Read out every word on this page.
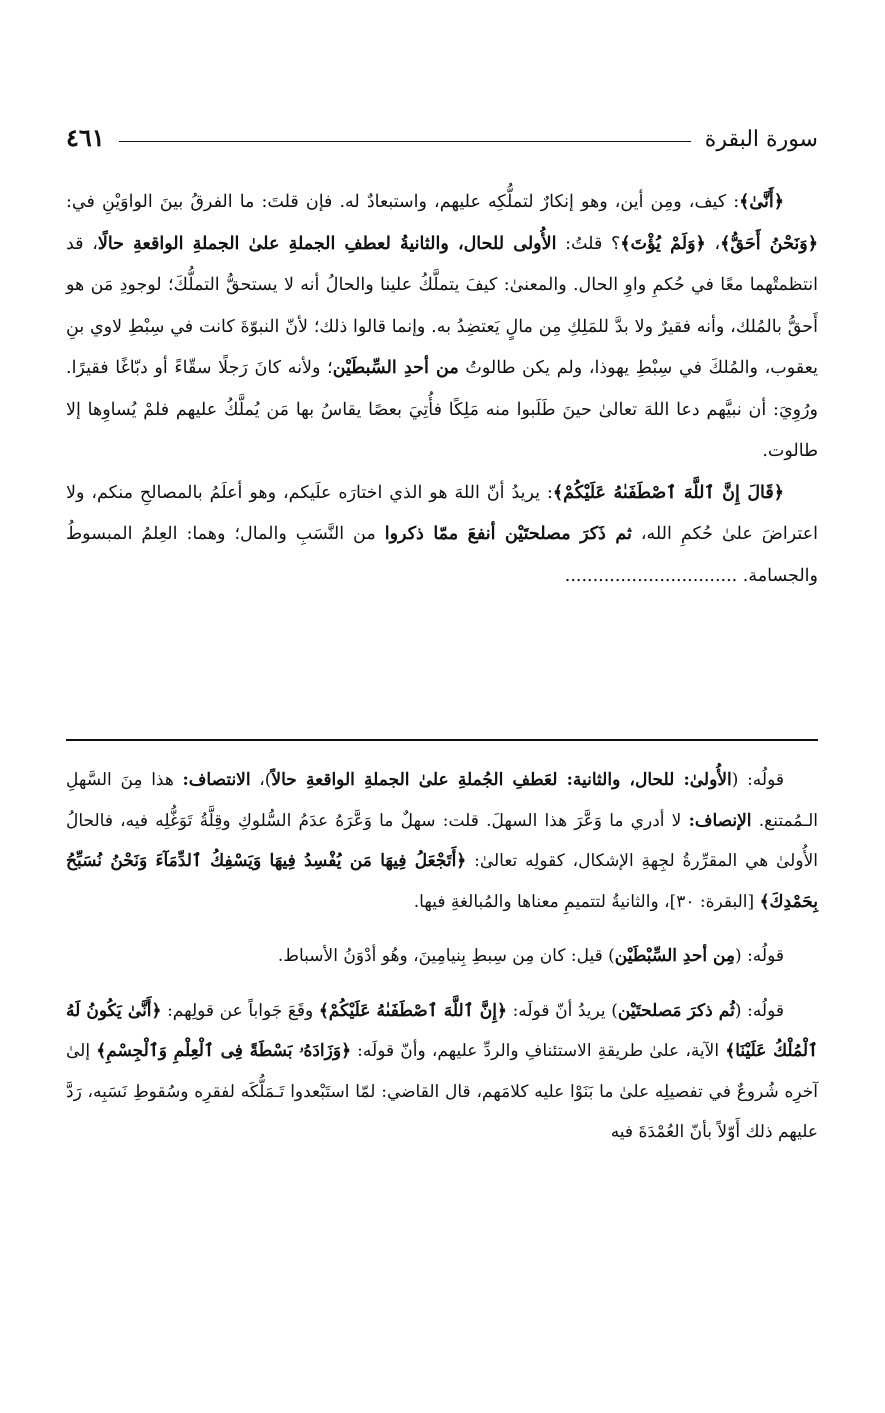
سورة البقرة
٤٦١

﴿أَنَّىٰ﴾: كيف، ومِن أين، وهو إنكارٌ لتملُّكِه عليهم، واستبعادٌ له. فإن قلتَ: ما الفرقُ بينَ الواوَيْنِ في: ﴿وَنَحْنُ أَحَقُّ﴾، ﴿وَلَمْ يُؤْتَ﴾؟ قلتُ: الأُولى للحال، والثانيةُ لعطفِ الجملةِ علىٰ الجملةِ الواقعةِ حالًا، قد انتظمتْهما معًا في حُكمِ واوِ الحال. والمعنىٰ: كيفَ يتملَّكُ علينا والحالُ أنه لا يستحقُّ التملُّكَ؛ لوجودِ مَن هو أَحقُّ بالمُلك، وأنه فقيرٌ ولا بدَّ للمَلِكِ مِن مالٍ يَعتضِدُ به. وإنما قالوا ذلك؛ لأنّ النبوّةَ كانت في سِبْطِ لاوي بنِ يعقوب، والمُلكَ في سِبْطِ يهوذا، ولم يكن طالوتُ من أحدِ السِّبطَيْن؛ ولأنه كانَ رَجلًا سقّاءً أو دبّاغًا فقيرًا. ورُوِيَ: أن نبيَّهم دعا اللهَ تعالىٰ حينَ طَلَبوا منه مَلِكًا فأُتِيَ بعصًا يقاسُ بها مَن يُملَّكُ عليهم فلمْ يُساوِها إلا طالوت.

﴿قَالَ إِنَّ ٱللَّهَ ٱصْطَفَىٰهُ عَلَيْكُمْ﴾: يريدُ أنّ اللهَ هو الذي اختارَه علَيكم، وهو أعلَمُ بالمصالحِ منكم، ولا اعتراضَ علىٰ حُكمِ الله، ثم ذَكرَ مصلحتَيْن أنفعَ ممّا ذكروا من النَّسَبِ والمال؛ وهما: العِلمُ المبسوطُ والجسامة. ...............................

قولُه: (الأُولىٰ: للحال، والثانية: لعَطفِ الجُملةِ علىٰ الجملةِ الواقعةِ حالاً)، الانتصاف: هذا مِنَ السَّهلِ الـمُمتنع. الإنصاف: لا أدري ما وَعَّرَ هذا السهلَ. قلت: سهلٌ ما وَعَّرَهُ عدَمُ السُّلوكِ وقِلَّةُ تَوَغُّلِه فيه، فالحالُ الأُولىٰ هي المقرِّرةُ لجِهةِ الإشكال، كقولِه تعالىٰ: ﴿أَتَجْعَلُ فِيهَا مَن يُفْسِدُ فِيهَا وَيَسْفِكُ ٱلدِّمَآءَ وَنَحْنُ نُسَبِّحُ بِحَمْدِكَ﴾ [البقرة: ٣٠]، والثانيةُ لتتميمِ معناها والمُبالغةِ فيها.

قولُه: (مِن أحدِ السِّبْطَيْن) قيل: كان مِن سِبطِ بِنيامِينَ، وهُو أدْوَنُ الأسباط.

قولُه: (ثُم ذكرَ مَصلحتَيْن) يريدُ أنّ قولَه: ﴿إِنَّ ٱللَّهَ ٱصْطَفَىٰهُ عَلَيْكُمْ﴾ وقَعَ جَواباً عن قولِهم: ﴿أَنَّىٰ يَكُونُ لَهُ ٱلْمُلْكُ عَلَيْنَا﴾ الآية، علىٰ طريقةِ الاستئنافِ والردِّ عليهم، وأنّ قولَه: ﴿وَزَادَهُۥ بَسْطَةً فِى ٱلْعِلْمِ وَٱلْجِسْمِ﴾ إلىٰ آخرِه شُروعٌ في تفصيلِه علىٰ ما بَنَوْا عليه كلامَهم، قال القاضي: لمّا استَبْعدوا تَـمَلُّكَه لفقرِه وسُقوطِ نَسَبِه، رَدَّ عليهم ذلك أَوّلاً بأنّ العُمْدَةَ فيه
